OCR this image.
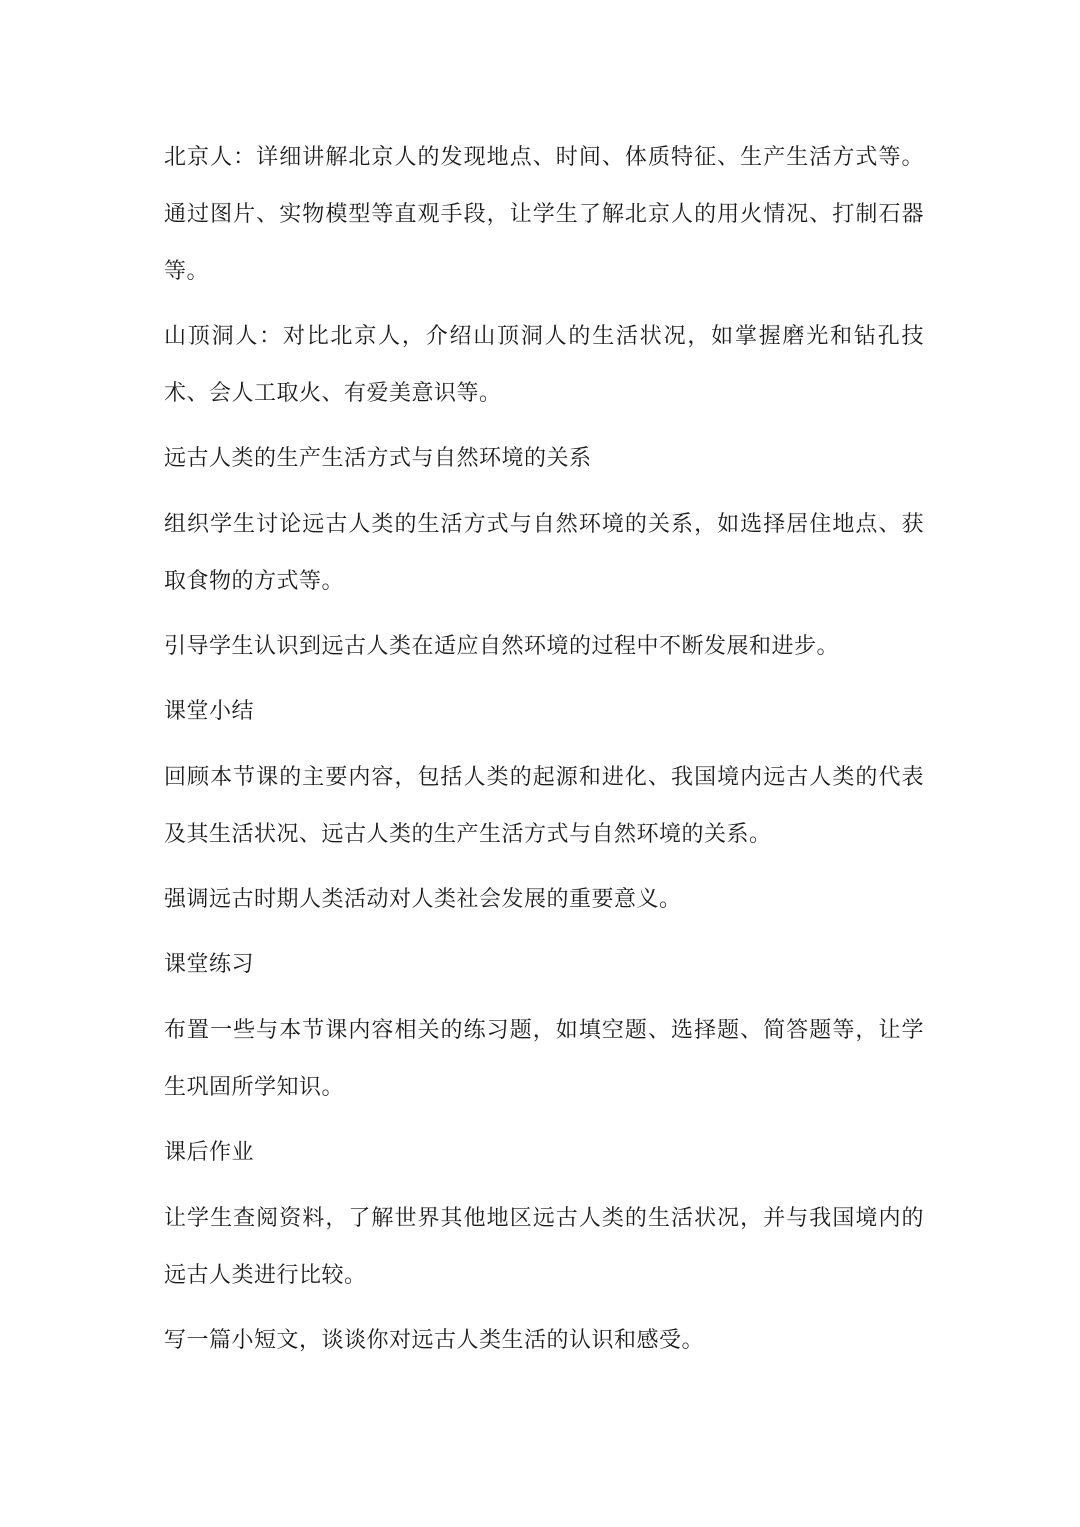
北京人：详细讲解北京人的发现地点、时间、体质特征、生产生活方式等。通过图片、实物模型等直观手段，让学生了解北京人的用火情况、打制石器等。

山顶洞人：对比北京人，介绍山顶洞人的生活状况，如掌握磨光和钻孔技术、会人工取火、有爱美意识等。

远古人类的生产生活方式与自然环境的关系

组织学生讨论远古人类的生活方式与自然环境的关系，如选择居住地点、获取食物的方式等。

引导学生认识到远古人类在适应自然环境的过程中不断发展和进步。

课堂小结

回顾本节课的主要内容，包括人类的起源和进化、我国境内远古人类的代表及其生活状况、远古人类的生产生活方式与自然环境的关系。

强调远古时期人类活动对人类社会发展的重要意义。

课堂练习

布置一些与本节课内容相关的练习题，如填空题、选择题、简答题等，让学生巩固所学知识。

课后作业

让学生查阅资料，了解世界其他地区远古人类的生活状况，并与我国境内的远古人类进行比较。

写一篇小短文，谈谈你对远古人类生活的认识和感受。
